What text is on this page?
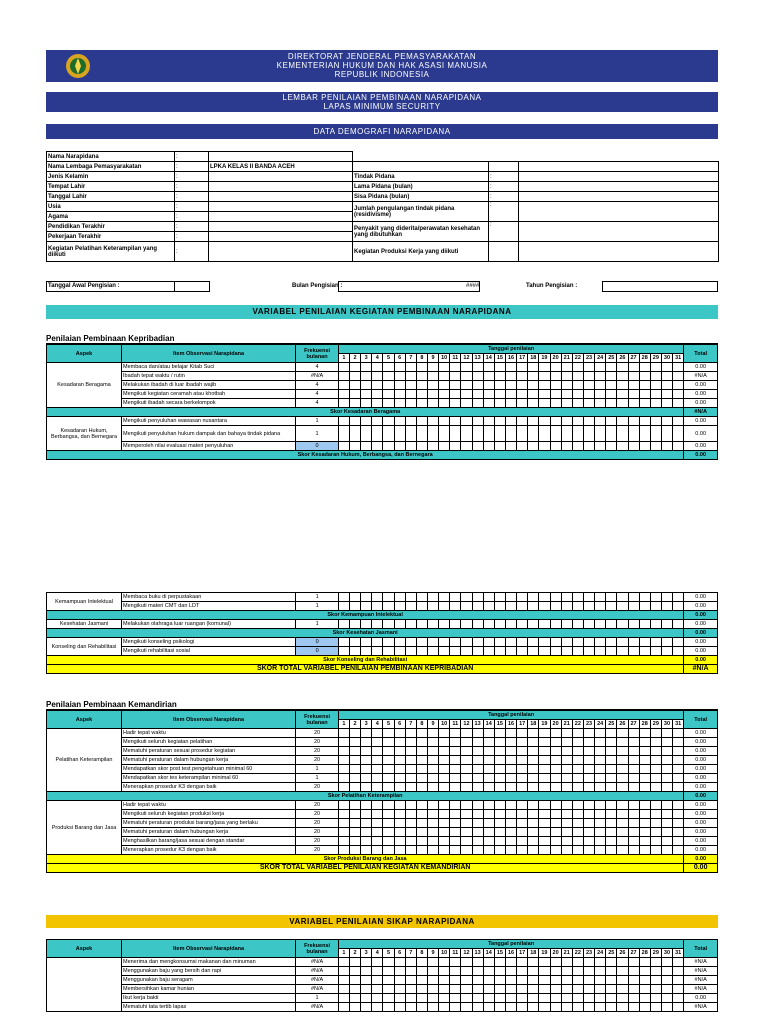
DIREKTORAT JENDERAL PEMASYARAKATAN
KEMENTERIAN HUKUM DAN HAK ASASI MANUSIA
REPUBLIK INDONESIA
LEMBAR PENILAIAN PEMBINAAN NARAPIDANA
LAPAS MINIMUM SECURITY
DATA DEMOGRAFI NARAPIDANA
Nama Narapidana	:				
Nama Lembaga Pemasyarakatan	:	LPKA KELAS II BANDA ACEH			
Jenis Kelamin	:		Tindak Pidana	:	
Tempat Lahir	:		Lama Pidana (bulan)	:	
Tanggal Lahir	:		Sisa Pidana (bulan)	:	
Usia	:		Jumlah pengulangan tindak pidana (residivisme)	:	
Agama	:				
Pendidikan Terakhir	:		Penyakit yang diderita/perawatan kesehatan yang dibutuhkan	:	
Pekerjaan Terakhir	:				
Kegiatan Pelatihan Keterampilan yang diikuti	:		Kegiatan Produksi Kerja yang diikuti		
Tanggal Awal Pengisian :	Bulan Pengisian :	####	Tahun Pengisian :
VARIABEL PENILAIAN KEGIATAN PEMBINAAN NARAPIDANA
Penilaian Pembinaan Kepribadian
Aspek	Item Observasi Narapidana	Frekuensi bulanan	Tanggal penilaian																															Total
			1	2	3	4	5	6	7	8	9	10	11	12	13	14	15	16	17	18	19	20	21	22	23	24	25	26	27	28	29	30	31	
Kesadaran Beragama	Membaca dan/atau belajar Kitab Suci	4																																0.00
	Ibadah tepat waktu / rutin	#N/A																																#N/A
	Melakukan ibadah di luar ibadah wajib	4																																0.00
	Mengikuti kegiatan ceramah atau khotbah	4																																0.00
	Mengikuti ibadah secara berkelompok	4																																0.00
Skor Kesadaran Beragama																																		#N/A
Kesadaran Hukum, Berbangsa, dan Bernegara	Mengikuti penyuluhan wawasan nusantara	1																																0.00
	Mengikuti penyuluhan hukum dampak dan bahaya tindak pidana	1																																0.00
	Memperoleh nilai evaluasi materi penyuluhan	0																																0.00
Skor Kesadaran Hukum, Berbangsa, dan Bernegara																																		0.00
Kemampuan Intelektual	Membaca buku di perpustakaan	1																																0.00
	Mengikuti materi CMT dan LDT	1																																0.00
Skor Kemampuan Intelektual																																		0.00
Kesehatan Jasmani	Melakukan olahraga luar ruangan (komunal)	1																																0.00
Skor Kesehatan Jasmani																																		0.00
Konseling dan Rehabilitasi	Mengikuti konseling psikologi	0																																0.00
	Mengikuti rehabilitasi sosial	0																																0.00
Skor Konseling dan Rehabilitasi																																		0.00
SKOR TOTAL VARIABEL PENILAIAN PEMBINAAN KEPRIBADIAN																																		#N/A
Penilaian Pembinaan Kemandirian
Aspek	Item Observasi Narapidana	Frekuensi bulanan	Tanggal penilaian																															Total
			1	2	3	4	5	6	7	8	9	10	11	12	13	14	15	16	17	18	19	20	21	22	23	24	25	26	27	28	29	30	31	
Pelatihan Keterampilan	Hadir tepat waktu	20																																0.00
	Mengikuti seluruh kegiatan pelatihan	20																																0.00
	Mematuhi peraturan sesuai prosedur kegiatan	20																																0.00
	Mematuhi peraturan dalam hubungan kerja	20																																0.00
	Mendapatkan skor post test pengetahuan minimal 60	1																																0.00
	Mendapatkan skor tes keterampilan minimal 60	1																																0.00
	Menerapkan prosedur K3 dengan baik	20																																0.00
Skor Pelatihan Keterampilan																																		0.00
Produksi Barang dan Jasa	Hadir tepat waktu	20																																0.00
	Mengikuti seluruh kegiatan produksi kerja	20																																0.00
	Mematuhi peraturan produksi barang/jasa yang berlaku	20																																0.00
	Mematuhi peraturan dalam hubungan kerja	20																																0.00
	Menghasilkan barang/jasa sesuai dengan standar	20																																0.00
	Menerapkan prosedur K3 dengan baik	20																																0.00
Skor Produksi Barang dan Jasa																																		0.00
SKOR TOTAL VARIABEL PENILAIAN KEGIATAN KEMANDIRIAN																																		0.00
VARIABEL PENILAIAN SIKAP NARAPIDANA
Aspek	Item Observasi Narapidana	Frekuensi bulanan	Tanggal penilaian																															Total
			1	2	3	4	5	6	7	8	9	10	11	12	13	14	15	16	17	18	19	20	21	22	23	24	25	26	27	28	29	30	31	
	Menerima dan mengkonsumsi makanan dan minuman	#N/A																																#N/A
	Menggunakan baju yang bersih dan rapi	#N/A																																#N/A
	Menggunakan baju seragam	#N/A																																#N/A
	Membersihkan kamar hunian	#N/A																																#N/A
	Ikut kerja bakti	1																																0.00
	Mematuhi tata tertib lapas	#N/A																																#N/A
